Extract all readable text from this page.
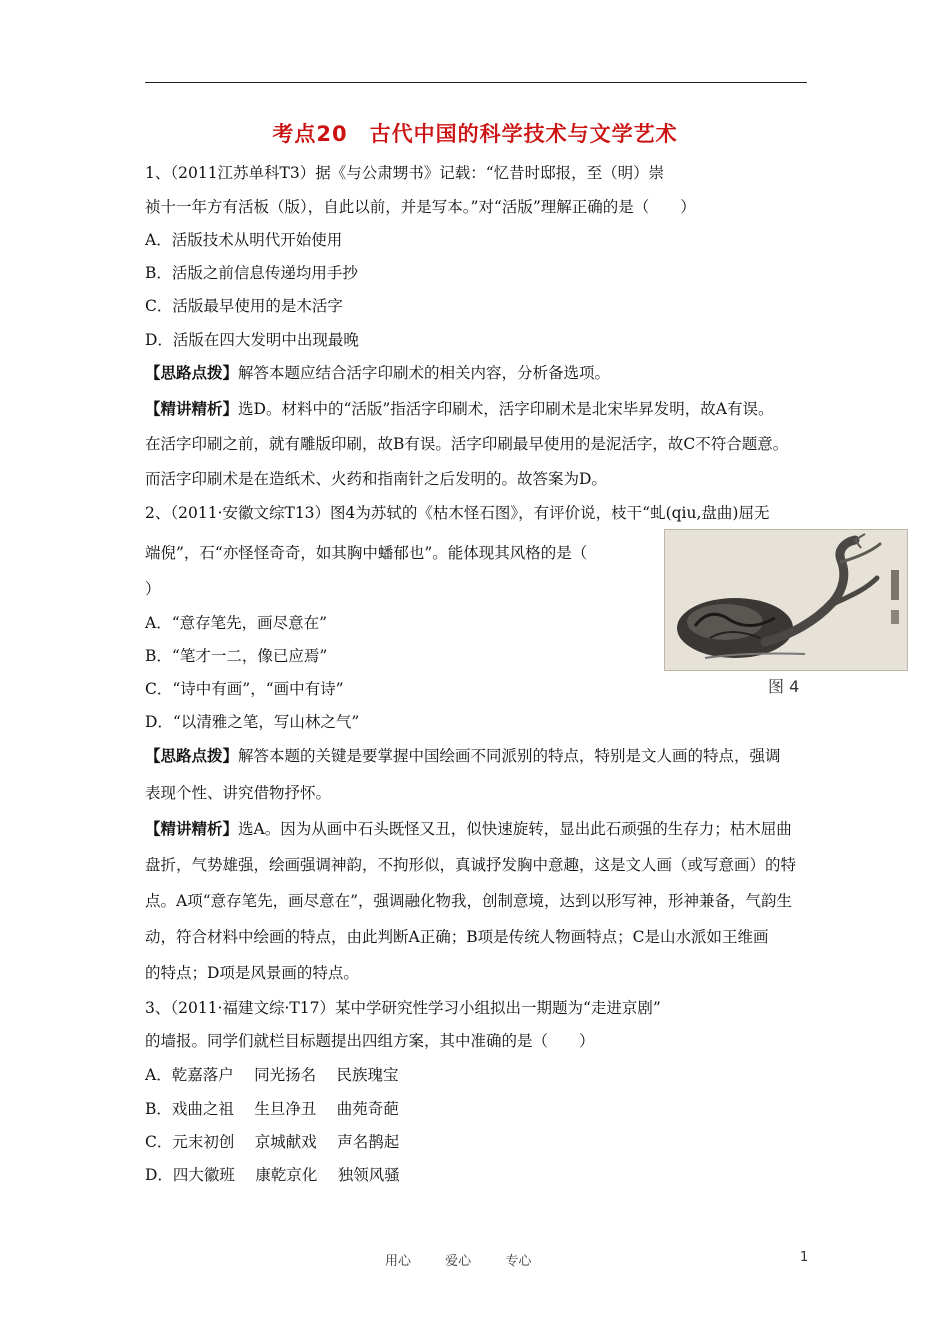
考点20　古代中国的科学技术与文学艺术
1、（2011江苏单科T3）据《与公肃甥书》记载：“忆昔时邸报，至（明）崇
祯十一年方有活板（版），自此以前，并是写本。”对“活版”理解正确的是（　　）
A．活版技术从明代开始使用
B．活版之前信息传递均用手抄
C．活版最早使用的是木活字
D．活版在四大发明中出现最晚
【思路点拨】解答本题应结合活字印刷术的相关内容，分析备选项。
【精讲精析】选D。材料中的“活版”指活字印刷术，活字印刷术是北宋毕昇发明，故A有误。
在活字印刷之前，就有雕版印刷，故B有误。活字印刷最早使用的是泥活字，故C不符合题意。
而活字印刷术是在造纸术、火药和指南针之后发明的。故答案为D。
2、（2011·安徽文综T13）图4为苏轼的《枯木怪石图》，有评价说，枝干“虬(qiu,盘曲)屈无
端倪”，石“亦怪怪奇奇，如其胸中蟠郁也”。能体现其风格的是（
）
图 4
A．“意存笔先，画尽意在”
B．“笔才一二，像已应焉”
C．“诗中有画”，“画中有诗”
D．“以清雅之笔，写山林之气”
【思路点拨】解答本题的关键是要掌握中国绘画不同派别的特点，特别是文人画的特点，强调
表现个性、讲究借物抒怀。
【精讲精析】选A。因为从画中石头既怪又丑，似快速旋转，显出此石顽强的生存力；枯木屈曲
盘折，气势雄强，绘画强调神韵，不拘形似，真诚抒发胸中意趣，这是文人画（或写意画）的特
点。A项“意存笔先，画尽意在”，强调融化物我，创制意境，达到以形写神，形神兼备，气韵生
动，符合材料中绘画的特点，由此判断A正确；B项是传统人物画特点；C是山水派如王维画
的特点；D项是风景画的特点。
3、（2011·福建文综·T17）某中学研究性学习小组拟出一期题为“走进京剧”
的墙报。同学们就栏目标题提出四组方案，其中准确的是（　　）
A．乾嘉落户　 同光扬名　 民族瑰宝
B．戏曲之祖　 生旦净丑　 曲苑奇葩
C．元末初创　 京城献戏　 声名鹊起
D．四大徽班　 康乾京化　 独领风骚
用心	爱心	专心	1
